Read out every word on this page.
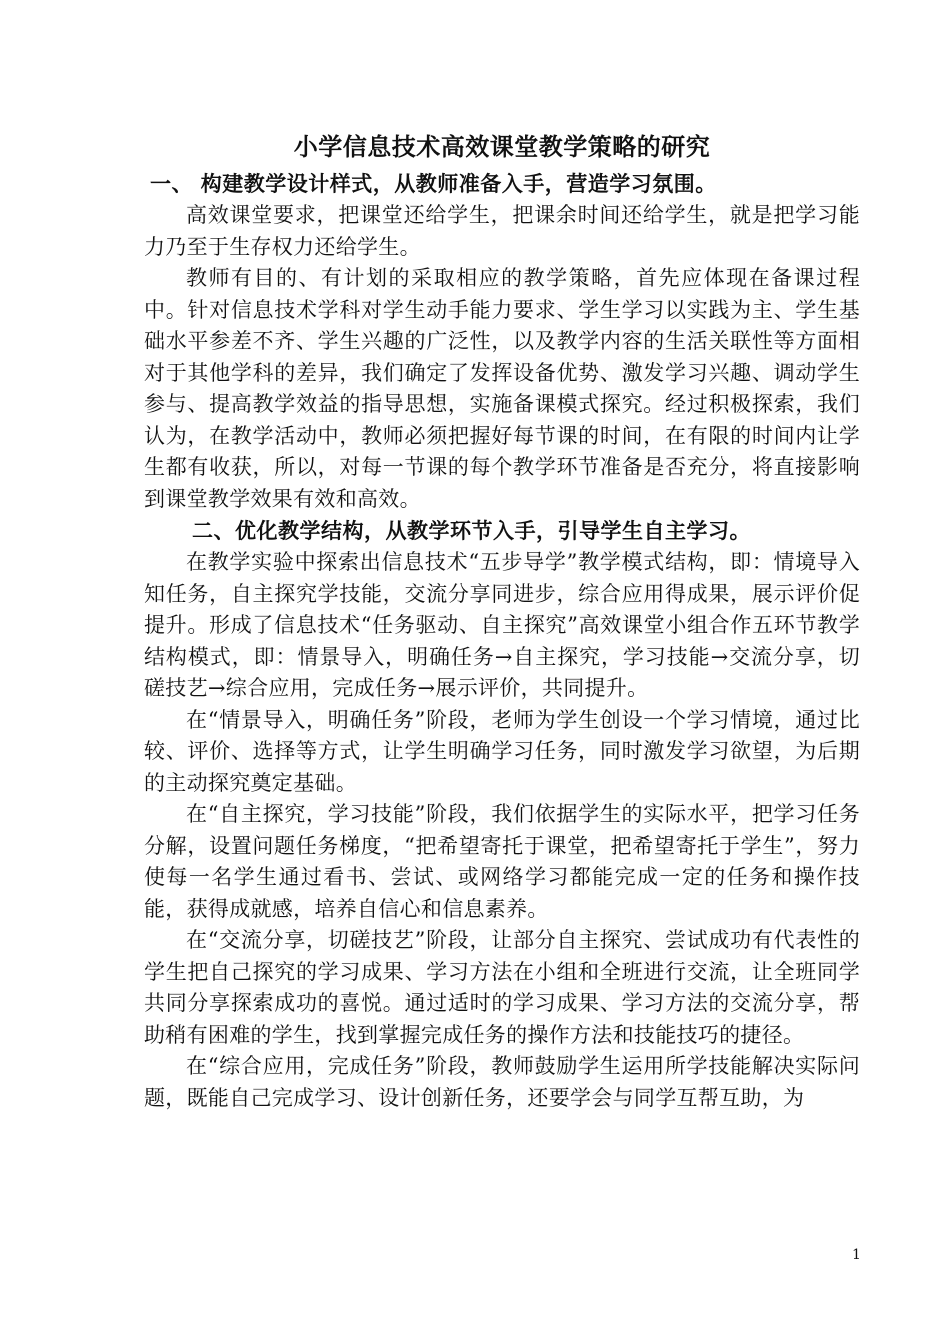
小学信息技术高效课堂教学策略的研究
一、 构建教学设计样式，从教师准备入手，营造学习氛围。

高效课堂要求，把课堂还给学生，把课余时间还给学生，就是把学习能力乃至于生存权力还给学生。

教师有目的、有计划的采取相应的教学策略，首先应体现在备课过程中。针对信息技术学科对学生动手能力要求、学生学习以实践为主、学生基础水平参差不齐、学生兴趣的广泛性，以及教学内容的生活关联性等方面相对于其他学科的差异，我们确定了发挥设备优势、激发学习兴趣、调动学生参与、提高教学效益的指导思想，实施备课模式探究。经过积极探索，我们认为，在教学活动中，教师必须把握好每节课的时间，在有限的时间内让学生都有收获，所以，对每一节课的每个教学环节准备是否充分，将直接影响到课堂教学效果有效和高效。

二、优化教学结构，从教学环节入手，引导学生自主学习。

在教学实验中探索出信息技术“五步导学”教学模式结构，即：情境导入知任务，自主探究学技能，交流分享同进步，综合应用得成果，展示评价促提升。形成了信息技术“任务驱动、自主探究”高效课堂小组合作五环节教学结构模式，即：情景导入，明确任务→自主探究，学习技能→交流分享，切磋技艺→综合应用，完成任务→展示评价，共同提升。

在“情景导入，明确任务”阶段，老师为学生创设一个学习情境，通过比较、评价、选择等方式，让学生明确学习任务，同时激发学习欲望，为后期的主动探究奠定基础。

在“自主探究，学习技能”阶段，我们依据学生的实际水平，把学习任务分解，设置问题任务梯度，“把希望寄托于课堂，把希望寄托于学生”，努力使每一名学生通过看书、尝试、或网络学习都能完成一定的任务和操作技能，获得成就感，培养自信心和信息素养。

在“交流分享，切磋技艺”阶段，让部分自主探究、尝试成功有代表性的学生把自己探究的学习成果、学习方法在小组和全班进行交流，让全班同学共同分享探索成功的喜悦。通过适时的学习成果、学习方法的交流分享，帮助稍有困难的学生，找到掌握完成任务的操作方法和技能技巧的捷径。

在“综合应用，完成任务”阶段，教师鼓励学生运用所学技能解决实际问题，既能自己完成学习、设计创新任务，还要学会与同学互帮互助，为

1
